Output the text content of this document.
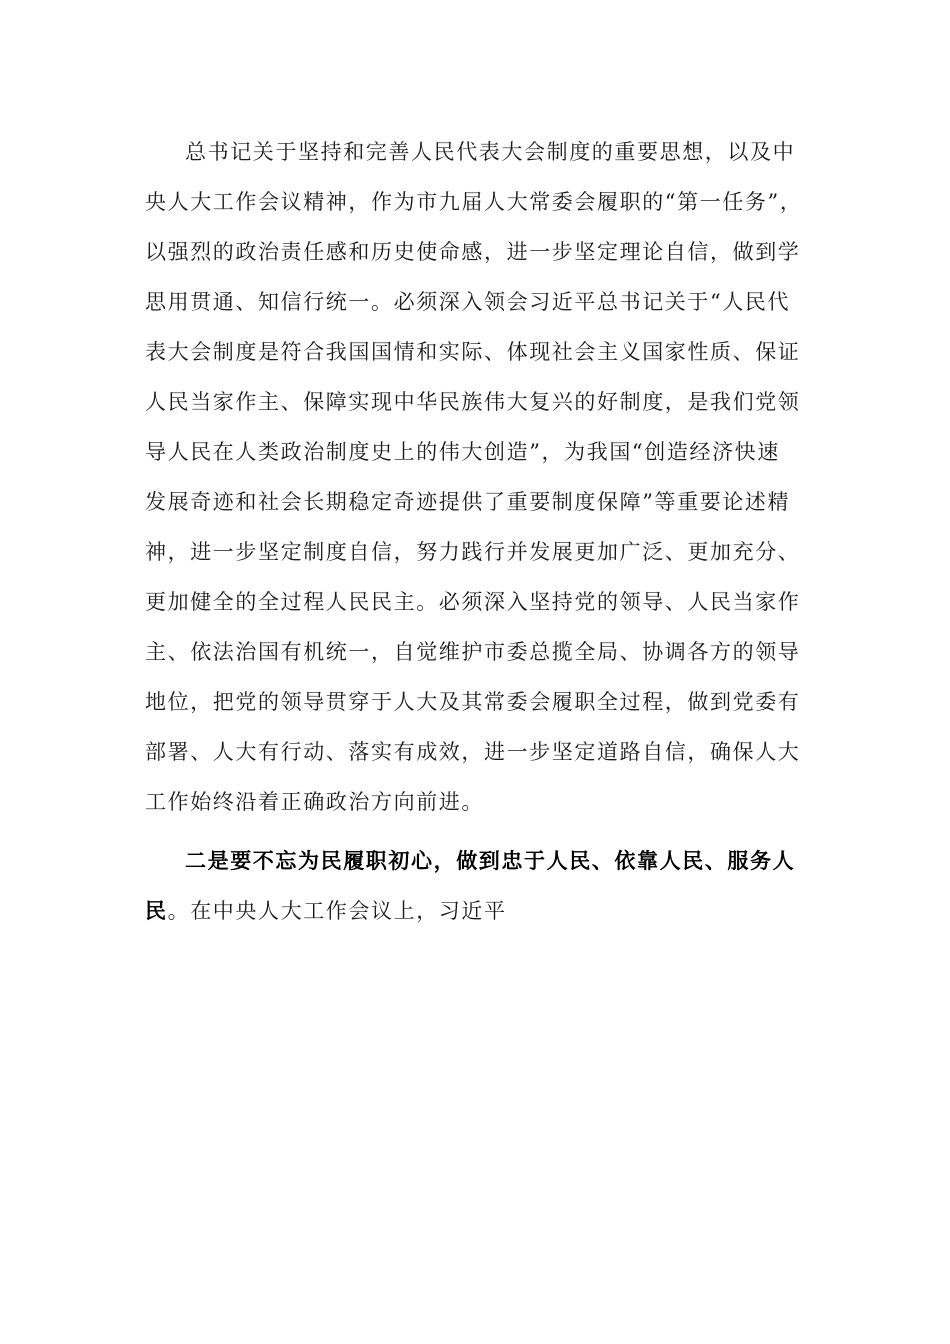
总书记关于坚持和完善人民代表大会制度的重要思想，以及中
央人大工作会议精神，作为市九届人大常委会履职的“第一任务”，
以强烈的政治责任感和历史使命感，进一步坚定理论自信，做到学
思用贯通、知信行统一。必须深入领会习近平总书记关于“人民代
表大会制度是符合我国国情和实际、体现社会主义国家性质、保证
人民当家作主、保障实现中华民族伟大复兴的好制度，是我们党领
导人民在人类政治制度史上的伟大创造”，为我国“创造经济快速
发展奇迹和社会长期稳定奇迹提供了重要制度保障”等重要论述精
神，进一步坚定制度自信，努力践行并发展更加广泛、更加充分、
更加健全的全过程人民民主。必须深入坚持党的领导、人民当家作
主、依法治国有机统一，自觉维护市委总揽全局、协调各方的领导
地位，把党的领导贯穿于人大及其常委会履职全过程，做到党委有
部署、人大有行动、落实有成效，进一步坚定道路自信，确保人大
工作始终沿着正确政治方向前进。
二是要不忘为民履职初心，做到忠于人民、依靠人民、服务人
民。在中央人大工作会议上，习近平
